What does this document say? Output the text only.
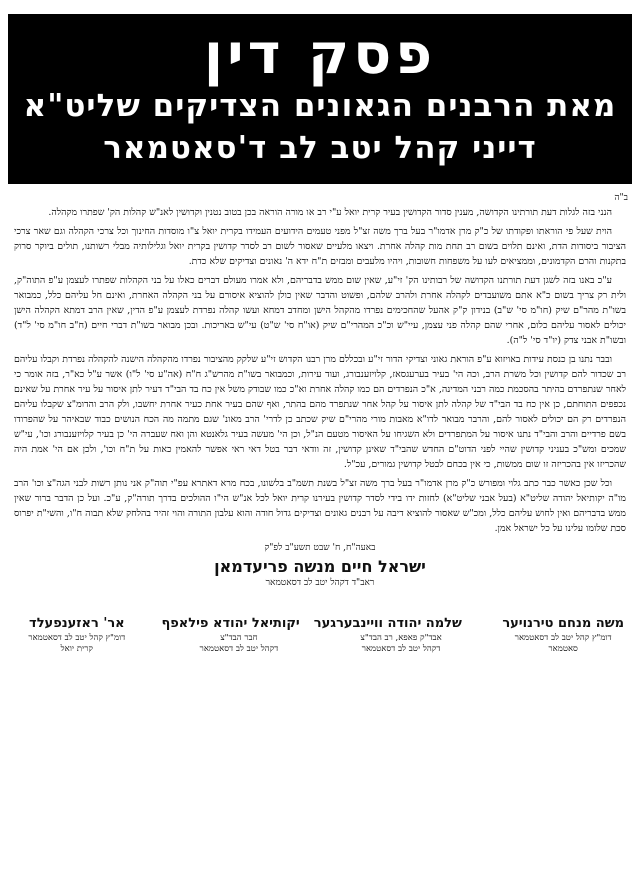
פסק דין
מאת הרבנים הגאונים הצדיקים שליט"א
דייני קהל יטב לב ד'סאטמאר
ב"ה

הנני בזה לגלות דעת תורתינו הקדושה, מענין סדור הקדושין בעיר קרית יואל ע"י רב או מורה הוראה בכן בטוב נטנין וקדושין לאנ"ש קהלות הק' שפתרו מקהלה.

הוית שעל פי הוראתו ופקודתו של כ"ק מרן אדמו"ר בעל ברך משה זצ"ל מפני טעמים הידועים העמידו בקרית יואל צ"ו מוסדות החינוך וכל צרכי הקהלה וגם שאר צרכי הציבור ביסודות הדת, ואינם תלוים בשום רב תחת מות קהלה אחרת. ויצאו מלעיים שאסור לשום רב לסדר קדושין בקרית יואל וגלילותיה מבלי רשותנו, תולים ביוקר סרוק בתקנות והרם הקדמונים, וממציאים לעו על משפחות חשובות, ויהיו מלעבים ומבזים ת"ח ידא ה' נאונים וצדיקים שלא כדת.

ע"כ באנו בזה לשגן דעת תורתנו הקדושה של רבותינו הק' זי"ע, שאין שום ממש בדבריהם, ולא אמרו מעולם דברים כאלו על בני הקהלות שפתרו לעצמן ע"פ התוה"ק, ולית רק צריך בשום כ"א אתם משועבדים לקהלה אחרת ולהרב שלהם, ופשוט והדבר שאין כולן להוציא איסורם על בני הקהלה האחרת, ואינם חל עליהם כלל, כמבואר בשו"ת מהר"ם שיק (חו"מ סי' ש"ב) בנידון ק"ק אהעל שהחכימים נפרדו מהקהל הישן ומחדב דמחא ועשו קהלה נפרדת לעצמן ע"פ הדין, שאין הרב דמתא הקהלה הישן יכולים לאסור עליהם כלום, אחרי שהם קהלה פני עצמן, עיי"ש וכ"כ המהרי"ם שיק (או"ח סי' ש"ט) עי"ש באריכות. ובכן מבואר בשו"ת דברי חיים (ח"ב חו"מ סי' ל"ד) ובשו"ת אבני צדק (יו"ד סי' ל"ה).

ובבר נתנו בן כנסת עידות באויזוא ע"פ הוראת גאוני וצדיקי הדור זי"ע ובכללם מרן רבנו הקדוש זי"ע שלקק מהציבור נפרדו מהקהלה הישנה להקהלה נפרדת וקבלו עליהם רב שכדור להם קדושין וכל משרת הרב, וכה הי' בעיר בערעגסאז, קלויזענבורג, ועוד עירות, וכמבואר בשו"ת מהרש"ג ח"ח (אה"ע סי' ל"ו) אשר ע"ל כא"ר, בזה אומר כי לאחר שנתפרדם בהיתר בהסכמת כמה רבני המדינה, א"כ הנפרדים הם כמו קהלה אחרת וא"כ כמו שבודק משל אין כח בד הבי"ד דעיר לתן איסור על עיר אחרת על שאינם נכפפים התוחתם, כן אין כח בד הבי"ד של קהלה לתן איסור על קהל אחר שנתפרד מהם בהתר, ואף שהם בעיר אחת כעיר אחרת יחשבו, ולק הרב והדומ"צ שקבלו עליהם הנפרדים רק הם יכולים לאסור להם, והרבר מבואר לדו"א מאבות מורי מהרי"ם שיק שכתב כן לדרי' הרב מאונ' שגם מתמה מה הכח הנושים כבוד שבאיהר על שהפרודו בשם פרדיים והרב והבי"ד נתנו איסור על המתפרדים ולא השגיחו על האיסור מטעם הנ"ל, וכן הי' מעשה בעיר גלאנטא והן ואח שעברה הי' כן בעיר קלויזענבורג וכו', עי"ש שמכים ומש"כ בעניני קדושין שהיי לפני הדוט"ם החדש שהבי"ד שאינן קדושין, זה וודאי דבר בטל דאי ראי אפשר להאמין כאות על ת"ח וכו', ולכן אם הי' אמת היה שהכריזו אין בהכריזה זו שום ממשות, כי אין בכחם לבטל קדושין גמורים, עכ"ל.

וכל שכן כאשר כבר כתב גלוי ומפורש כ"ק מרן אדמו"ר בעל ברך משה זצ"ל בשנת תשמ"ב בלשונו, בכח מרא דאתרא עפ"י תוה"ק אני נותן רשות לבני הגה"צ וכו' הרב מו"ה יקותיאל יהודה שליט"א (בעל אבני שליט"א) לחזות ידו בידי לסדר קדושין בעירנו קרית יואל לכל אנ"ש הי"ו ההולכים בדרך תורה"ק, ע"כ. ועל כן הדבר ברור שאין ממש בדבריהם ואין לחוש עליהם כלל, ומכ"ש שאסור להוציא דיבה על רבנים גאונים וצדיקים גדול חודה והוא עלבון התורה והוי זהיר בהלחק שלא תבוה ח"ו, והשי"ת יפרוס סכת שלומו עלינו על כל ישראל אמן.

באעה"ח, ח' שבט תשע"ב לפ"ק
ישראל חיים מנשה פריעדמאן
ראב"ד דקהל יטב לב דסאטמאר
משה מנחם טירנויער
דומ"ץ קהל יטב לב דסאטמאר
סאטמאר
שלמה יהודה וויינבערגער
אבד"ק פאפא, רב הבד"צ
דקהל יטב לב דסאטמאר
יקותיאל יהודא פילאפף
חבר הבד"צ
דקהל יטב לב דסאטמאר
אר' ראזענפעלד
דומ"ץ קהל יטב לב דסאטמאר
קרית יואל
